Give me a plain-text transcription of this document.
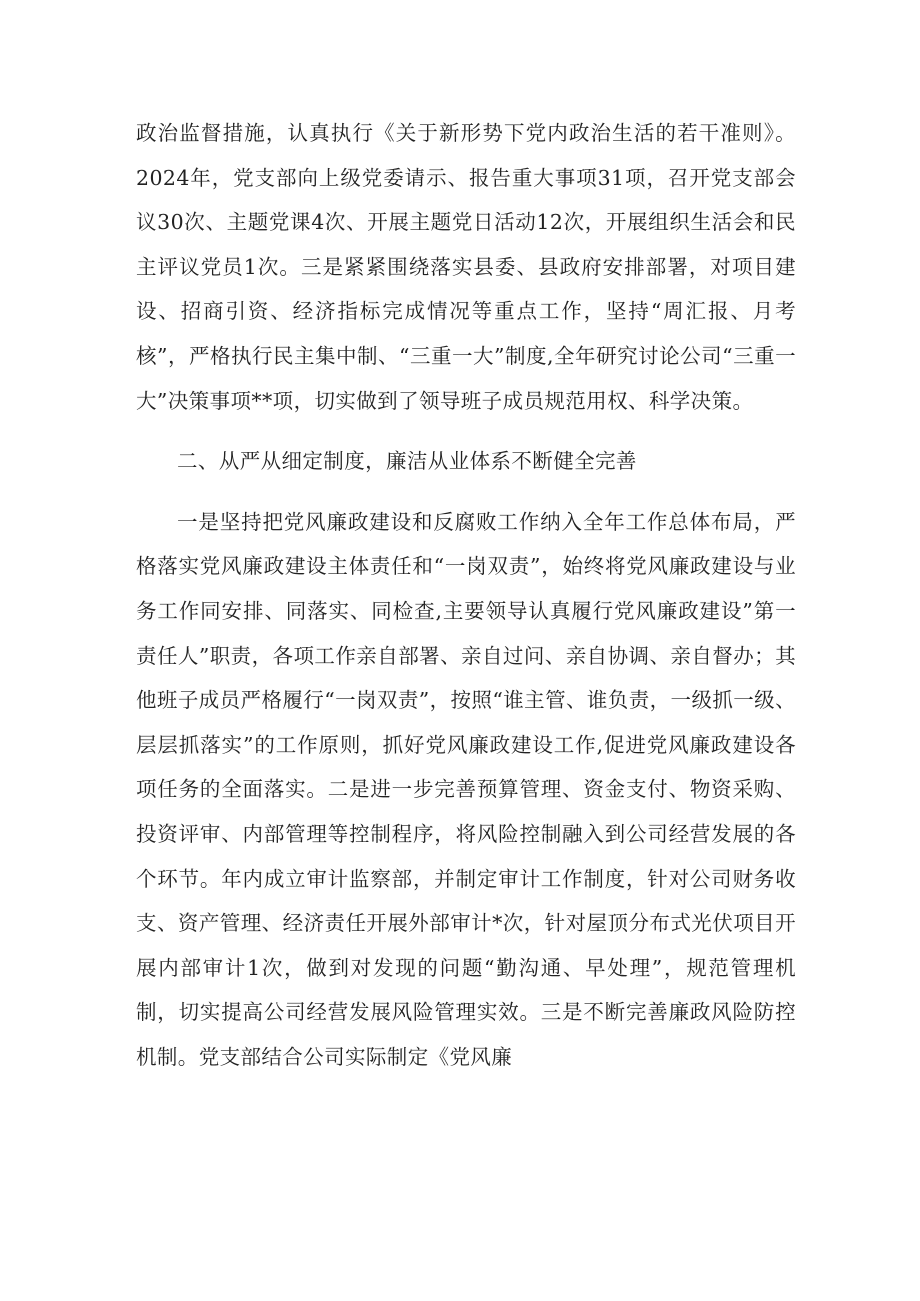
政治监督措施，认真执行《关于新形势下党内政治生活的若干准则》。2024年，党支部向上级党委请示、报告重大事项31项，召开党支部会议30次、主题党课4次、开展主题党日活动12次，开展组织生活会和民主评议党员1次。三是紧紧围绕落实县委、县政府安排部署，对项目建设、招商引资、经济指标完成情况等重点工作，坚持“周汇报、月考核”，严格执行民主集中制、“三重一大”制度,全年研究讨论公司“三重一大”决策事项**项，切实做到了领导班子成员规范用权、科学决策。

二、从严从细定制度，廉洁从业体系不断健全完善

一是坚持把党风廉政建设和反腐败工作纳入全年工作总体布局，严格落实党风廉政建设主体责任和“一岗双责”，始终将党风廉政建设与业务工作同安排、同落实、同检查,主要领导认真履行党风廉政建设”第一责任人”职责，各项工作亲自部署、亲自过问、亲自协调、亲自督办；其他班子成员严格履行“一岗双责”，按照“谁主管、谁负责，一级抓一级、层层抓落实”的工作原则，抓好党风廉政建设工作,促进党风廉政建设各项任务的全面落实。二是进一步完善预算管理、资金支付、物资采购、投资评审、内部管理等控制程序，将风险控制融入到公司经营发展的各个环节。年内成立审计监察部，并制定审计工作制度，针对公司财务收支、资产管理、经济责任开展外部审计*次，针对屋顶分布式光伏项目开展内部审计1次，做到对发现的问题“勤沟通、早处理”，规范管理机制，切实提高公司经营发展风险管理实效。三是不断完善廉政风险防控机制。党支部结合公司实际制定《党风廉
